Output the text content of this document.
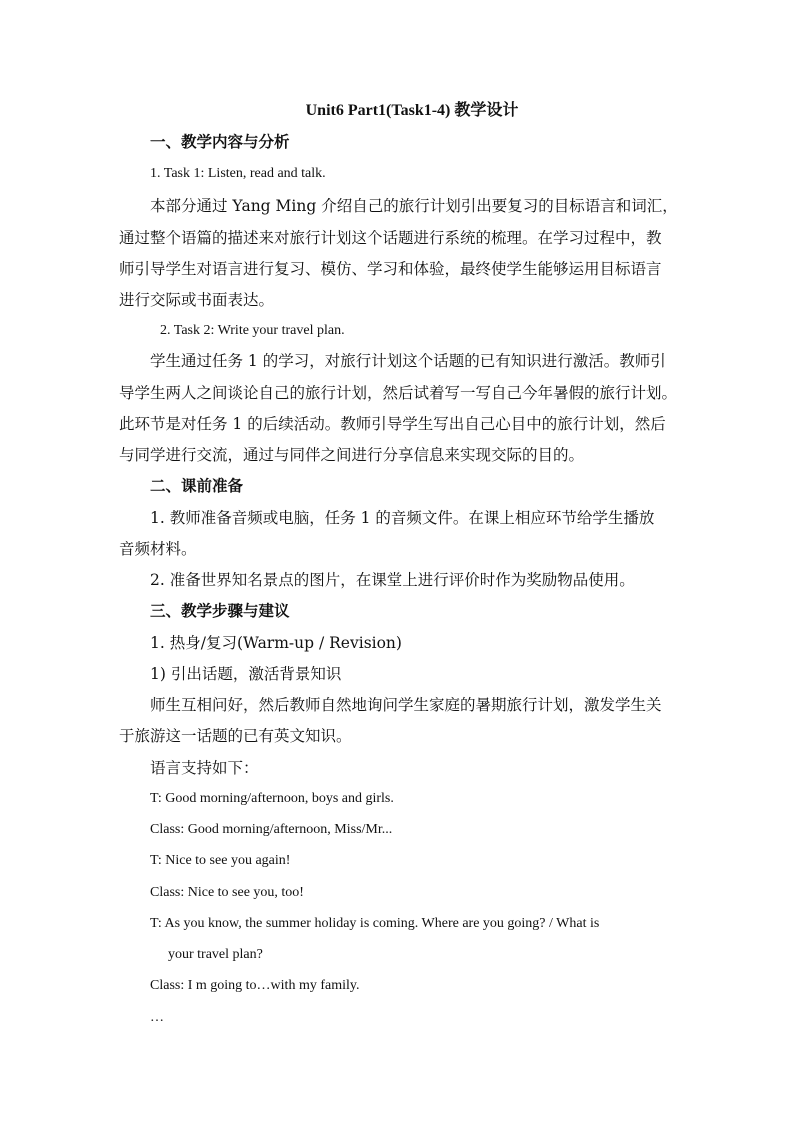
Unit6 Part1(Task1-4) 教学设计
一、教学内容与分析
1. Task 1: Listen, read and talk.
本部分通过 Yang Ming 介绍自己的旅行计划引出要复习的目标语言和词汇，
通过整个语篇的描述来对旅行计划这个话题进行系统的梳理。在学习过程中，教
师引导学生对语言进行复习、模仿、学习和体验，最终使学生能够运用目标语言
进行交际或书面表达。
2. Task 2: Write your travel plan.
学生通过任务 1 的学习，对旅行计划这个话题的已有知识进行激活。教师引
导学生两人之间谈论自己的旅行计划，然后试着写一写自己今年暑假的旅行计划。
此环节是对任务 1 的后续活动。教师引导学生写出自己心目中的旅行计划，然后
与同学进行交流，通过与同伴之间进行分享信息来实现交际的目的。
二、课前准备
1. 教师准备音频或电脑，任务 1 的音频文件。在课上相应环节给学生播放
音频材料。
2. 准备世界知名景点的图片，在课堂上进行评价时作为奖励物品使用。
三、教学步骤与建议
1. 热身/复习(Warm-up / Revision)
1) 引出话题，激活背景知识
师生互相问好，然后教师自然地询问学生家庭的暑期旅行计划，激发学生关
于旅游这一话题的已有英文知识。
语言支持如下：
T: Good morning/afternoon, boys and girls.
Class: Good morning/afternoon, Miss/Mr...
T: Nice to see you again!
Class: Nice to see you, too!
T: As you know, the summer holiday is coming. Where are you going? / What is
your travel plan?
Class: I m going to…with my family.
…
